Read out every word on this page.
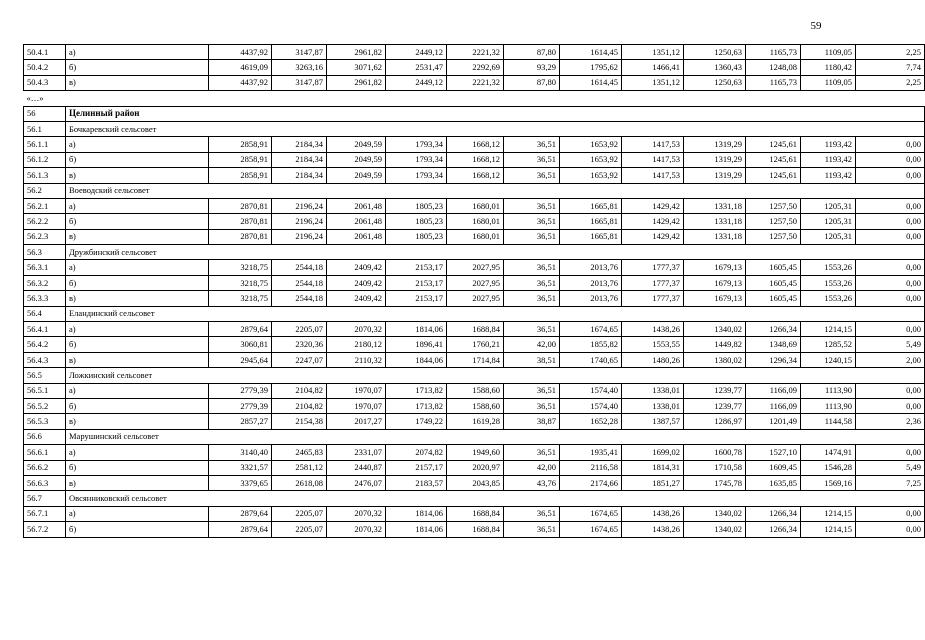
59
50.4.1	а)	4437,92	3147,87	2961,82	2449,12	2221,32	87,80	1614,45	1351,12	1250,63	1165,73	1109,05	2,25
50.4.2	б)	4619,09	3263,16	3071,62	2531,47	2292,69	93,29	1795,62	1466,41	1360,43	1248,08	1180,42	7,74
50.4.3	в)	4437,92	3147,87	2961,82	2449,12	2221,32	87,80	1614,45	1351,12	1250,63	1165,73	1109,05	2,25
«…»													
56	Целинный район												
56.1	Бочкаревский сельсовет												
56.1.1	а)	2858,91	2184,34	2049,59	1793,34	1668,12	36,51	1653,92	1417,53	1319,29	1245,61	1193,42	0,00
56.1.2	б)	2858,91	2184,34	2049,59	1793,34	1668,12	36,51	1653,92	1417,53	1319,29	1245,61	1193,42	0,00
56.1.3	в)	2858,91	2184,34	2049,59	1793,34	1668,12	36,51	1653,92	1417,53	1319,29	1245,61	1193,42	0,00
56.2	Воеводский сельсовет												
56.2.1	а)	2870,81	2196,24	2061,48	1805,23	1680,01	36,51	1665,81	1429,42	1331,18	1257,50	1205,31	0,00
56.2.2	б)	2870,81	2196,24	2061,48	1805,23	1680,01	36,51	1665,81	1429,42	1331,18	1257,50	1205,31	0,00
56.2.3	в)	2870,81	2196,24	2061,48	1805,23	1680,01	36,51	1665,81	1429,42	1331,18	1257,50	1205,31	0,00
56.3	Дружбинский сельсовет												
56.3.1	а)	3218,75	2544,18	2409,42	2153,17	2027,95	36,51	2013,76	1777,37	1679,13	1605,45	1553,26	0,00
56.3.2	б)	3218,75	2544,18	2409,42	2153,17	2027,95	36,51	2013,76	1777,37	1679,13	1605,45	1553,26	0,00
56.3.3	в)	3218,75	2544,18	2409,42	2153,17	2027,95	36,51	2013,76	1777,37	1679,13	1605,45	1553,26	0,00
56.4	Еландинский сельсовет												
56.4.1	а)	2879,64	2205,07	2070,32	1814,06	1688,84	36,51	1674,65	1438,26	1340,02	1266,34	1214,15	0,00
56.4.2	б)	3060,81	2320,36	2180,12	1896,41	1760,21	42,00	1855,82	1553,55	1449,82	1348,69	1285,52	5,49
56.4.3	в)	2945,64	2247,07	2110,32	1844,06	1714,84	38,51	1740,65	1480,26	1380,02	1296,34	1240,15	2,00
56.5	Ложкинский сельсовет												
56.5.1	а)	2779,39	2104,82	1970,07	1713,82	1588,60	36,51	1574,40	1338,01	1239,77	1166,09	1113,90	0,00
56.5.2	б)	2779,39	2104,82	1970,07	1713,82	1588,60	36,51	1574,40	1338,01	1239,77	1166,09	1113,90	0,00
56.5.3	в)	2857,27	2154,38	2017,27	1749,22	1619,28	38,87	1652,28	1387,57	1286,97	1201,49	1144,58	2,36
56.6	Марушинский сельсовет												
56.6.1	а)	3140,40	2465,83	2331,07	2074,82	1949,60	36,51	1935,41	1699,02	1600,78	1527,10	1474,91	0,00
56.6.2	б)	3321,57	2581,12	2440,87	2157,17	2020,97	42,00	2116,58	1814,31	1710,58	1609,45	1546,28	5,49
56.6.3	в)	3379,65	2618,08	2476,07	2183,57	2043,85	43,76	2174,66	1851,27	1745,78	1635,85	1569,16	7,25
56.7	Овсянниковский сельсовет												
56.7.1	а)	2879,64	2205,07	2070,32	1814,06	1688,84	36,51	1674,65	1438,26	1340,02	1266,34	1214,15	0,00
56.7.2	б)	2879,64	2205,07	2070,32	1814,06	1688,84	36,51	1674,65	1438,26	1340,02	1266,34	1214,15	0,00
